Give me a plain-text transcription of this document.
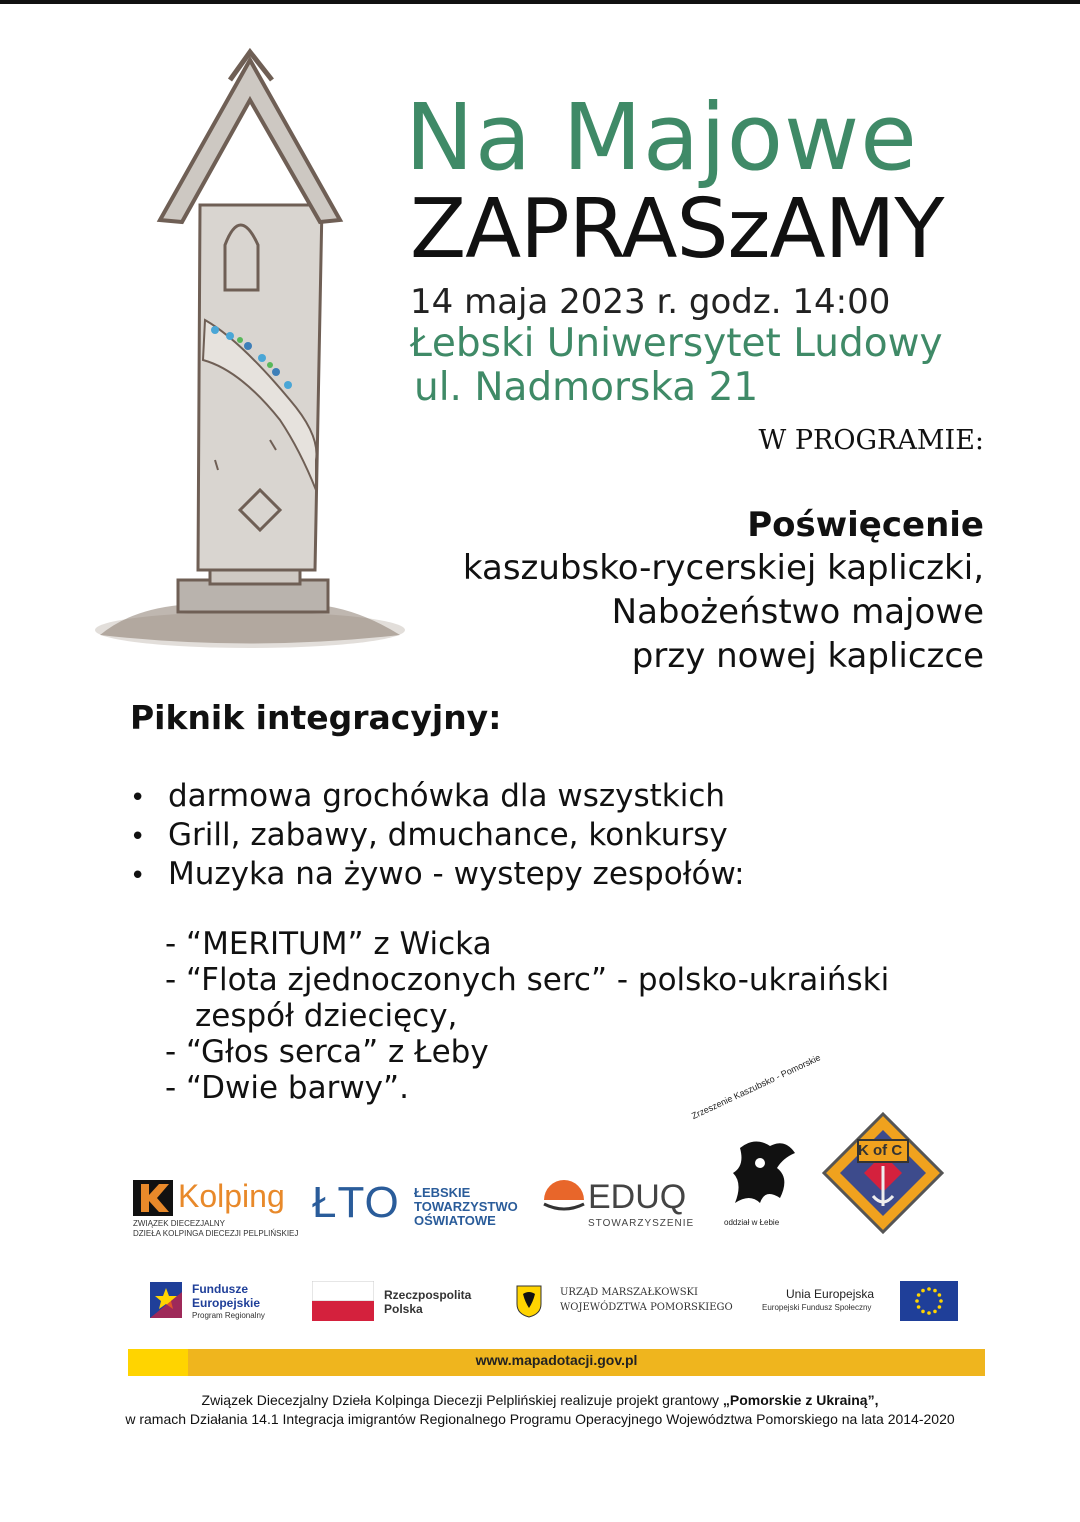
Na Majowe
ZAPRASzAMY
14 maja 2023 r. godz. 14:00
Łebski Uniwersytet Ludowy
ul. Nadmorska 21
W PROGRAMIE:
Poświęcenie
kaszubsko-rycerskiej kapliczki,
Nabożeństwo majowe
przy nowej kapliczce
Piknik integracyjny:
• darmowa grochówka dla wszystkich
• Grill, zabawy, dmuchance, konkursy
• Muzyka na żywo - wystepy zespołów:
- “MERITUM” z Wicka
- “Flota zjednoczonych serc” - polsko-ukraiński
zespół dziecięcy,
- “Głos serca” z Łeby
- “Dwie barwy”.
Kolping
ZWIĄZEK DIECEZJALNY
DZIEŁA KOLPINGA DIECEZJI PELPLIŃSKIEJ
ŁTO ŁEBSKIE
TOWARZYSTWO
OŚWIATOWE
EDUQ
STOWARZYSZENIE
Zrzeszenie Kaszubsko - Pomorskie
oddział w Łebie
K of C
Fundusze
Europejskie
Program Regionalny
Rzeczpospolita
Polska
URZĄD MARSZAŁKOWSKI
WOJEWÓDZTWA POMORSKIEGO
Unia Europejska
Europejski Fundusz Społeczny
www.mapadotacji.gov.pl
Związek Diecezjalny Dzieła Kolpinga Diecezji Pelplińskiej realizuje projekt grantowy „Pomorskie z Ukrainą”,
w ramach Działania 14.1 Integracja imigrantów Regionalnego Programu Operacyjnego Województwa Pomorskiego na lata 2014-2020
